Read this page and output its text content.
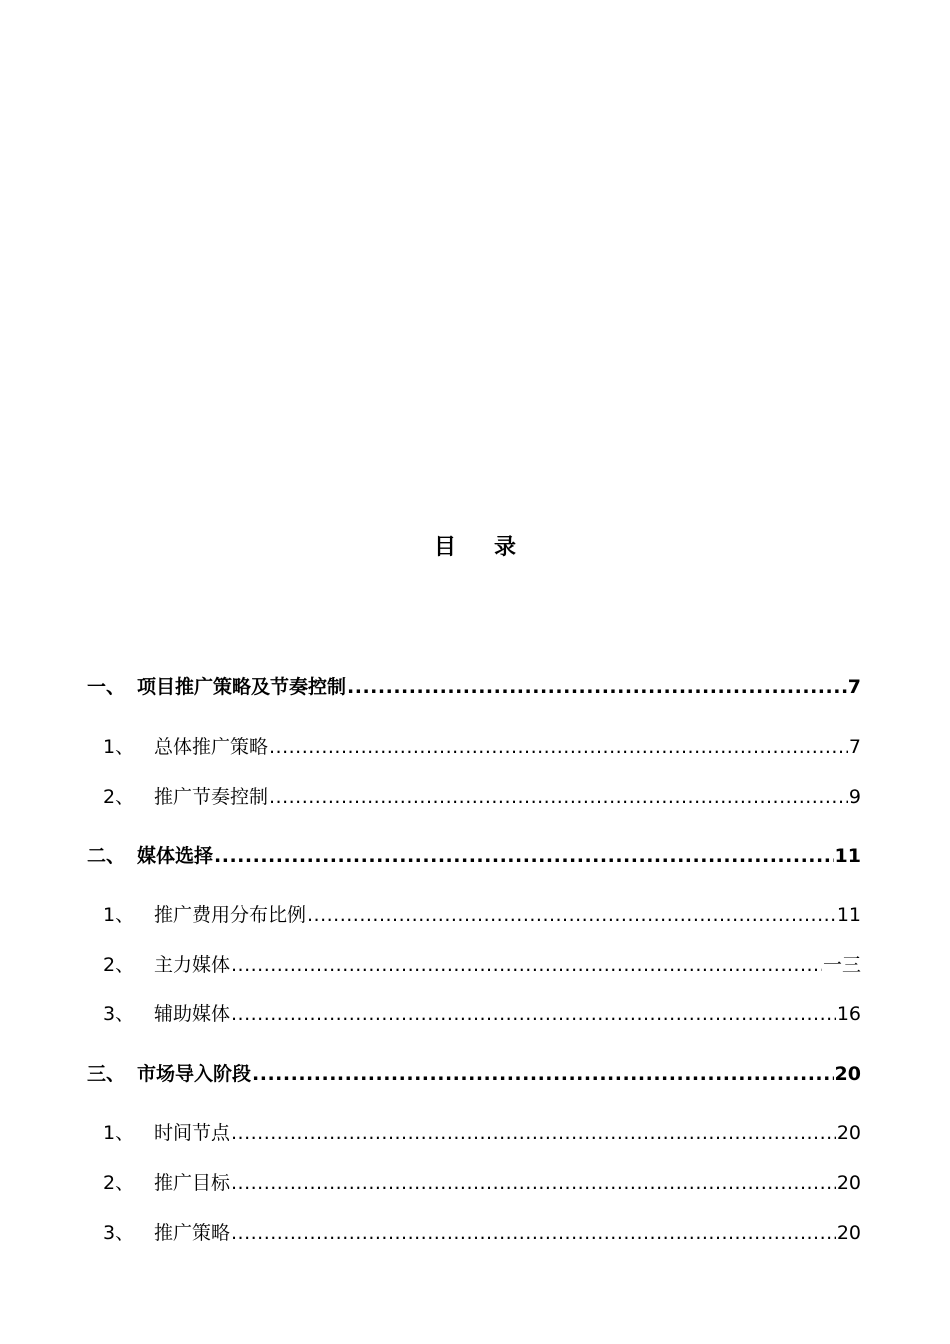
目 录
一、 项目推广策略及节奏控制 .....	7
1、	总体推广策略 .....	7
2、	推广节奏控制 .....	9
二、 媒体选择 .....	11
1、	推广费用分布比例 .....	11
2、	主力媒体 .....	一三
3、	辅助媒体 .....	16
三、 市场导入阶段 .....	20
1、	时间节点 .....	20
2、	推广目标 .....	20
3、	推广策略 .....	20
